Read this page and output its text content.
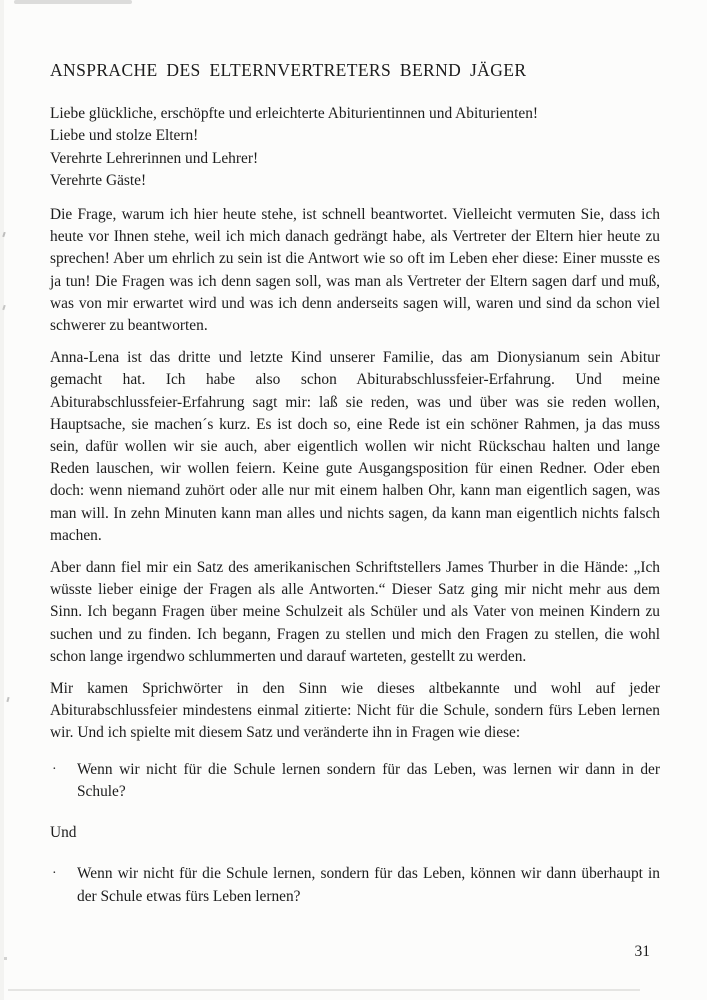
ANSPRACHE DES ELTERNVERTRETERS BERND JÄGER

Liebe glückliche, erschöpfte und erleichterte Abiturientinnen und Abiturienten!

Liebe und stolze Eltern!

Verehrte Lehrerinnen und Lehrer!

Verehrte Gäste!

Die Frage, warum ich hier heute stehe, ist schnell beantwortet. Vielleicht vermuten Sie, dass ich heute vor Ihnen stehe, weil ich mich danach gedrängt habe, als Vertreter der Eltern hier heute zu sprechen! Aber um ehrlich zu sein ist die Antwort wie so oft im Leben eher diese: Einer musste es ja tun! Die Fragen was ich denn sagen soll, was man als Vertreter der Eltern sagen darf und muß, was von mir erwartet wird und was ich denn anderseits sagen will, waren und sind da schon viel schwerer zu beantworten.

Anna-Lena ist das dritte und letzte Kind unserer Familie, das am Dionysianum sein Abitur gemacht hat. Ich habe also schon Abiturabschlussfeier-Erfahrung. Und meine Abiturabschlussfeier-Erfahrung sagt mir: laß sie reden, was und über was sie reden wollen, Hauptsache, sie machen´s kurz. Es ist doch so, eine Rede ist ein schöner Rahmen, ja das muss sein, dafür wollen wir sie auch, aber eigentlich wollen wir nicht Rückschau halten und lange Reden lauschen, wir wollen feiern. Keine gute Ausgangsposition für einen Redner. Oder eben doch: wenn niemand zuhört oder alle nur mit einem halben Ohr, kann man eigentlich sagen, was man will. In zehn Minuten kann man alles und nichts sagen, da kann man eigentlich nichts falsch machen.

Aber dann fiel mir ein Satz des amerikanischen Schriftstellers James Thurber in die Hände: „Ich wüsste lieber einige der Fragen als alle Antworten.“ Dieser Satz ging mir nicht mehr aus dem Sinn. Ich begann Fragen über meine Schulzeit als Schüler und als Vater von meinen Kindern zu suchen und zu finden. Ich begann, Fragen zu stellen und mich den Fragen zu stellen, die wohl schon lange irgendwo schlummerten und darauf warteten, gestellt zu werden.

Mir kamen Sprichwörter in den Sinn wie dieses altbekannte und wohl auf jeder Abiturabschlussfeier mindestens einmal zitierte: Nicht für die Schule, sondern fürs Leben lernen wir. Und ich spielte mit diesem Satz und veränderte ihn in Fragen wie diese:

·	Wenn wir nicht für die Schule lernen sondern für das Leben, was lernen wir dann in der Schule?

Und

·	Wenn wir nicht für die Schule lernen, sondern für das Leben, können wir dann überhaupt in der Schule etwas fürs Leben lernen?
31
